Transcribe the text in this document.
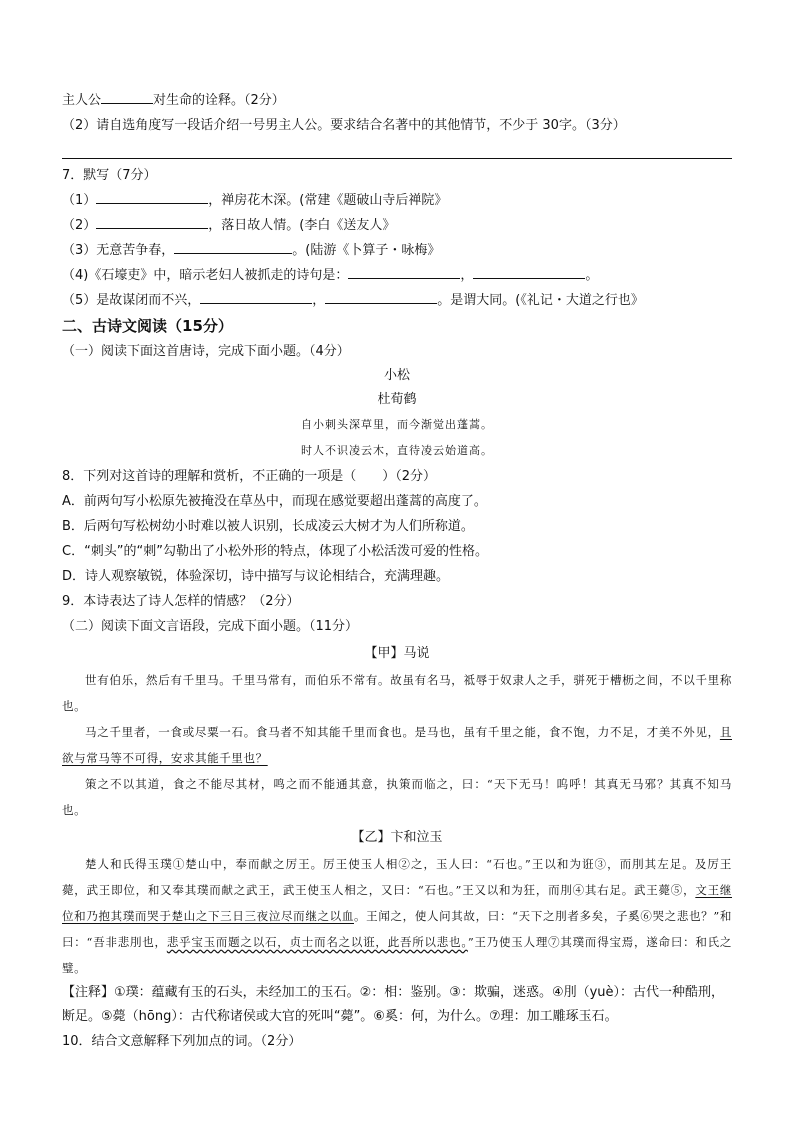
主人公	对生命的诠释。（2分）
（2）请自选角度写一段话介绍一号男主人公。要求结合名著中的其他情节，不少于 30字。（3分）
7．默写（7分）
（1）	，禅房花木深。(常建《题破山寺后禅院》
（2）	，落日故人情。(李白《送友人》
（3）无意苦争春，	。(陆游《卜算子・咏梅》
（4)《石壕吏》中，暗示老妇人被抓走的诗句是：	，	。
（5）是故谋闭而不兴，	，	。是谓大同。(《礼记・大道之行也》
二、古诗文阅读（15分）
（一）阅读下面这首唐诗，完成下面小题。（4分）
小松
杜荀鹤
自小刺头深草里，而今渐觉出蓬蒿。
时人不识凌云木，直待凌云始道高。
8．下列对这首诗的理解和赏析，不正确的一项是（　　）（2分）
A．前两句写小松原先被掩没在草丛中，而现在感觉要超出蓬蒿的高度了。
B．后两句写松树幼小时难以被人识别，长成凌云大树才为人们所称道。
C．“刺头”的“刺”勾勒出了小松外形的特点，体现了小松活泼可爱的性格。
D．诗人观察敏锐，体验深切，诗中描写与议论相结合，充满理趣。
9．本诗表达了诗人怎样的情感？（2分）
（二）阅读下面文言语段，完成下面小题。（11分）
【甲】马说
世有伯乐，然后有千里马。千里马常有，而伯乐不常有。故虽有名马，祗辱于奴隶人之手，骈死于槽枥之间，不以千里称也。
马之千里者，一食或尽粟一石。食马者不知其能千里而食也。是马也，虽有千里之能，食不饱，力不足，才美不外见，且欲与常马等不可得，安求其能千里也？
策之不以其道，食之不能尽其材，鸣之而不能通其意，执策而临之，曰：“天下无马！呜呼！其真无马邪？其真不知马也。
【乙】卞和泣玉
楚人和氏得玉璞①楚山中，奉而献之厉王。厉王使玉人相②之，玉人曰：“石也。”王以和为诳③，而刖其左足。及厉王薨，武王即位，和又奉其璞而献之武王，武王使玉人相之，又曰：“石也。”王又以和为狂，而刖④其右足。武王薨⑤，文王继位和乃抱其璞而哭于楚山之下三日三夜泣尽而继之以血。王闻之，使人问其故，曰：“天下之刖者多矣，子奚⑥哭之悲也？”和曰：“吾非悲刖也，悲乎宝玉而题之以石，贞士而名之以诳，此吾所以悲也。”王乃使玉人理⑦其璞而得宝焉，遂命曰：和氏之璧。
【注释】①璞：蕴藏有玉的石头，未经加工的玉石。②：相：鉴别。③：欺骗，迷惑。④刖（yuè）：古代一种酷刑，断足。⑤薨（hōng）：古代称诸侯或大官的死叫“薨”。⑥奚：何，为什么。⑦理：加工雕琢玉石。
10．结合文意解释下列加点的词。（2分）
